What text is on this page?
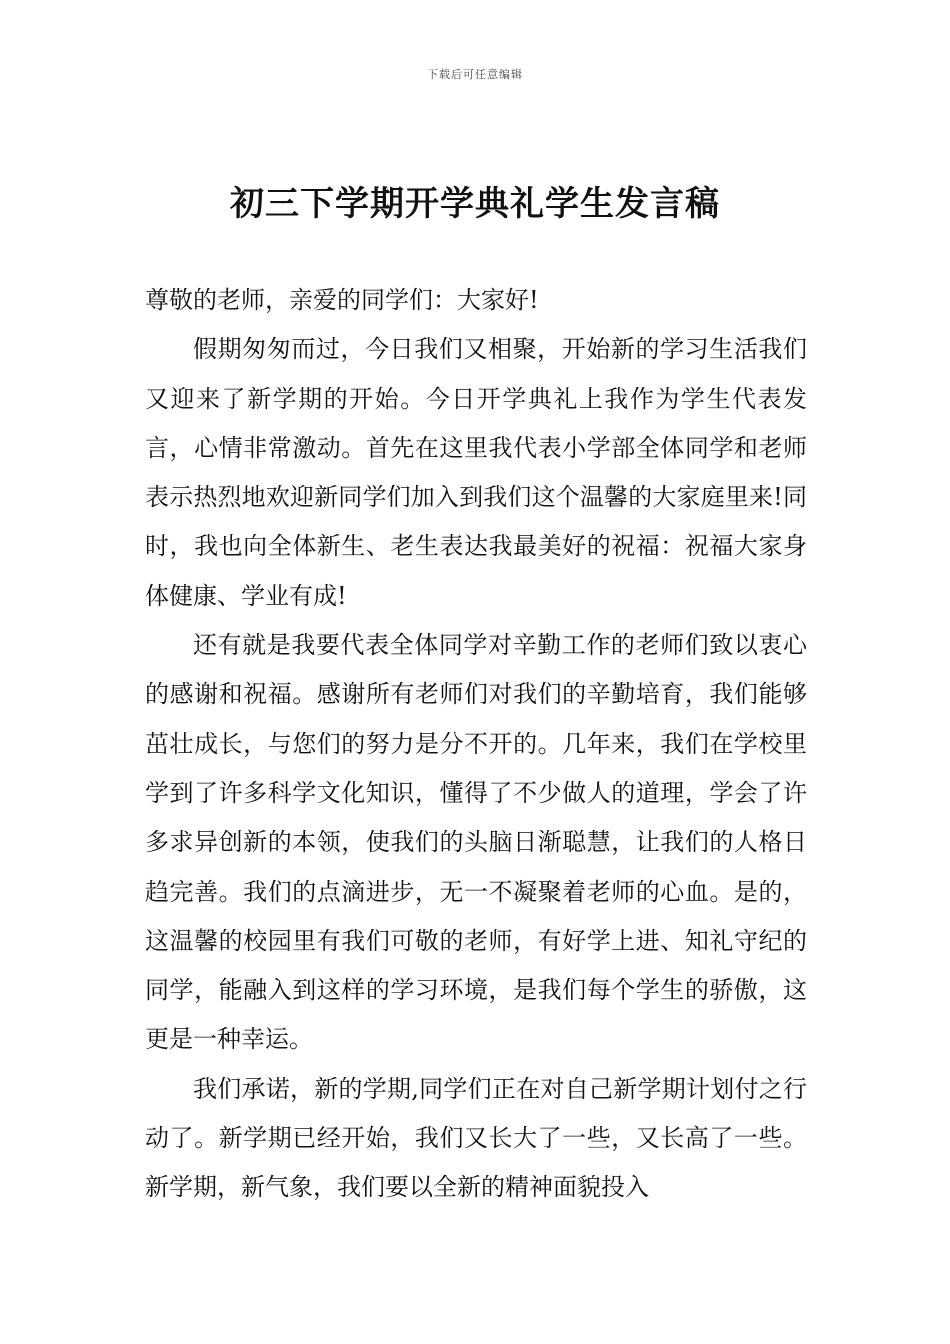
下载后可任意编辑
初三下学期开学典礼学生发言稿

尊敬的老师，亲爱的同学们：大家好!

假期匆匆而过，今日我们又相聚，开始新的学习生活我们又迎来了新学期的开始。今日开学典礼上我作为学生代表发言，心情非常激动。首先在这里我代表小学部全体同学和老师表示热烈地欢迎新同学们加入到我们这个温馨的大家庭里来!同时，我也向全体新生、老生表达我最美好的祝福：祝福大家身体健康、学业有成!

还有就是我要代表全体同学对辛勤工作的老师们致以衷心的感谢和祝福。感谢所有老师们对我们的辛勤培育，我们能够茁壮成长，与您们的努力是分不开的。几年来，我们在学校里学到了许多科学文化知识，懂得了不少做人的道理，学会了许多求异创新的本领，使我们的头脑日渐聪慧，让我们的人格日趋完善。我们的点滴进步，无一不凝聚着老师的心血。是的，这温馨的校园里有我们可敬的老师，有好学上进、知礼守纪的同学，能融入到这样的学习环境，是我们每个学生的骄傲，这更是一种幸运。

我们承诺，新的学期,同学们正在对自己新学期计划付之行动了。新学期已经开始，我们又长大了一些，又长高了一些。新学期，新气象，我们要以全新的精神面貌投入
